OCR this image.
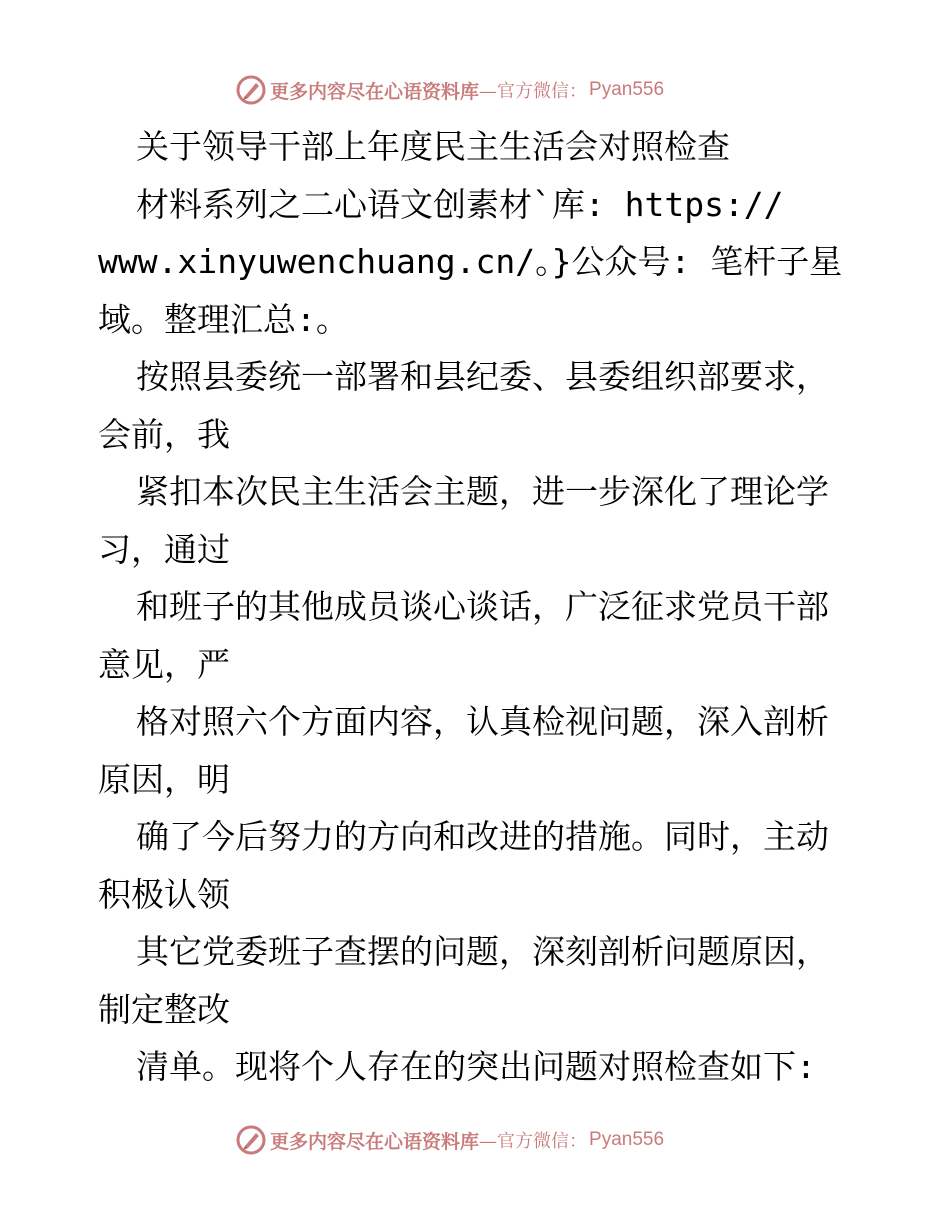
更多内容尽在心语资料库 —官方微信： Pyan556
关于领导干部上年度民主生活会对照检查
材料系列之二心语文创素材`库: https://
www.xinyuwenchuang.cn/。}公众号: 笔杆子星
域。整理汇总:。
按照县委统一部署和县纪委、县委组织部要求，
会前，我
紧扣本次民主生活会主题，进一步深化了理论学
习，通过
和班子的其他成员谈心谈话，广泛征求党员干部
意见，严
格对照六个方面内容，认真检视问题，深入剖析
原因，明
确了今后努力的方向和改进的措施。同时，主动
积极认领
其它党委班子查摆的问题，深刻剖析问题原因，
制定整改
清单。现将个人存在的突出问题对照检查如下:
更多内容尽在心语资料库 —官方微信： Pyan556
